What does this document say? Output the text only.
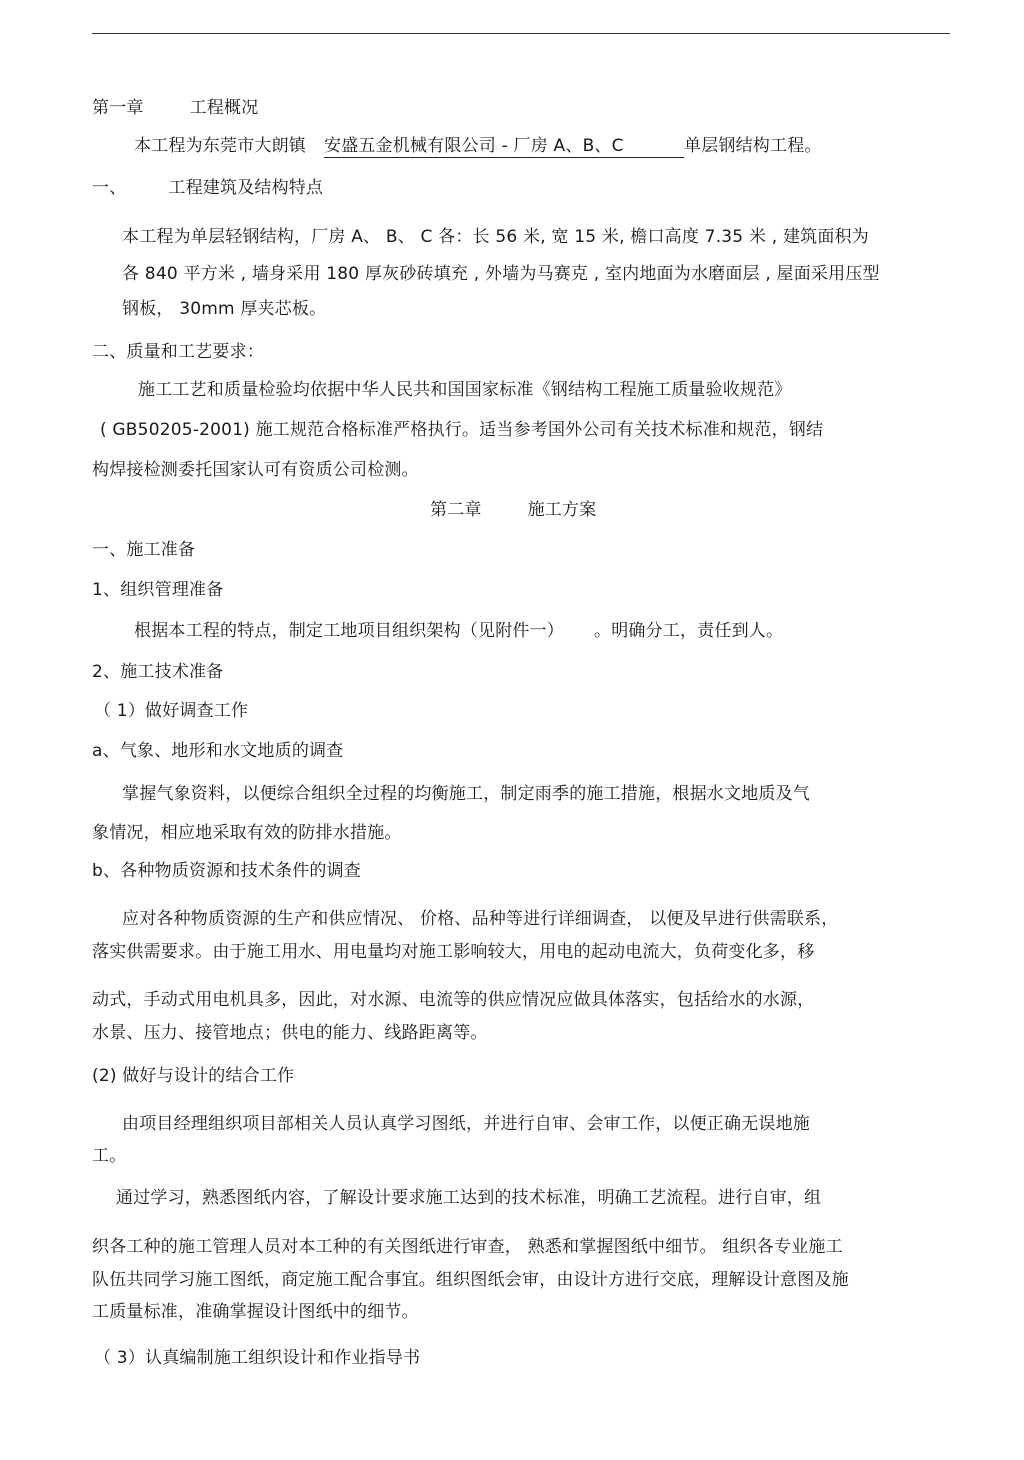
第一章	工程概况
本工程为东莞市大朗镇 安盛五金机械有限公司 - 厂房 A、B、C	单层钢结构工程。
一、 工程建筑及结构特点
本工程为单层轻钢结构，厂房 A、 B、 C 各：长 56 米, 宽 15 米, 檐口高度 7.35 米 , 建筑面积为
各 840 平方米 , 墙身采用 180 厚灰砂砖填充 , 外墙为马赛克 , 室内地面为水磨面层 , 屋面采用压型
钢板， 30mm 厚夹芯板。
二、质量和工艺要求：
施工工艺和质量检验均依据中华人民共和国国家标准《钢结构工程施工质量验收规范》
( GB50205-2001) 施工规范合格标准严格执行。适当参考国外公司有关技术标准和规范，钢结
构焊接检测委托国家认可有资质公司检测。
第二章	施工方案
一、施工准备
1、组织管理准备
根据本工程的特点，制定工地项目组织架构（见附件一） 。明确分工，责任到人。
2、施工技术准备
（ 1）做好调查工作
a、气象、地形和水文地质的调查
掌握气象资料，以便综合组织全过程的均衡施工，制定雨季的施工措施，根据水文地质及气
象情况，相应地采取有效的防排水措施。
b、各种物质资源和技术条件的调查
应对各种物质资源的生产和供应情况、 价格、品种等进行详细调查， 以便及早进行供需联系，
落实供需要求。由于施工用水、用电量均对施工影响较大，用电的起动电流大，负荷变化多，移
动式，手动式用电机具多，因此，对水源、电流等的供应情况应做具体落实，包括给水的水源，
水景、压力、接管地点；供电的能力、线路距离等。
(2) 做好与设计的结合工作
由项目经理组织项目部相关人员认真学习图纸，并进行自审、会审工作，以便正确无误地施
工。
通过学习，熟悉图纸内容，了解设计要求施工达到的技术标准，明确工艺流程。进行自审，组
织各工种的施工管理人员对本工种的有关图纸进行审查， 熟悉和掌握图纸中细节。 组织各专业施工
队伍共同学习施工图纸，商定施工配合事宜。组织图纸会审，由设计方进行交底，理解设计意图及施
工质量标准，准确掌握设计图纸中的细节。
（ 3）认真编制施工组织设计和作业指导书
